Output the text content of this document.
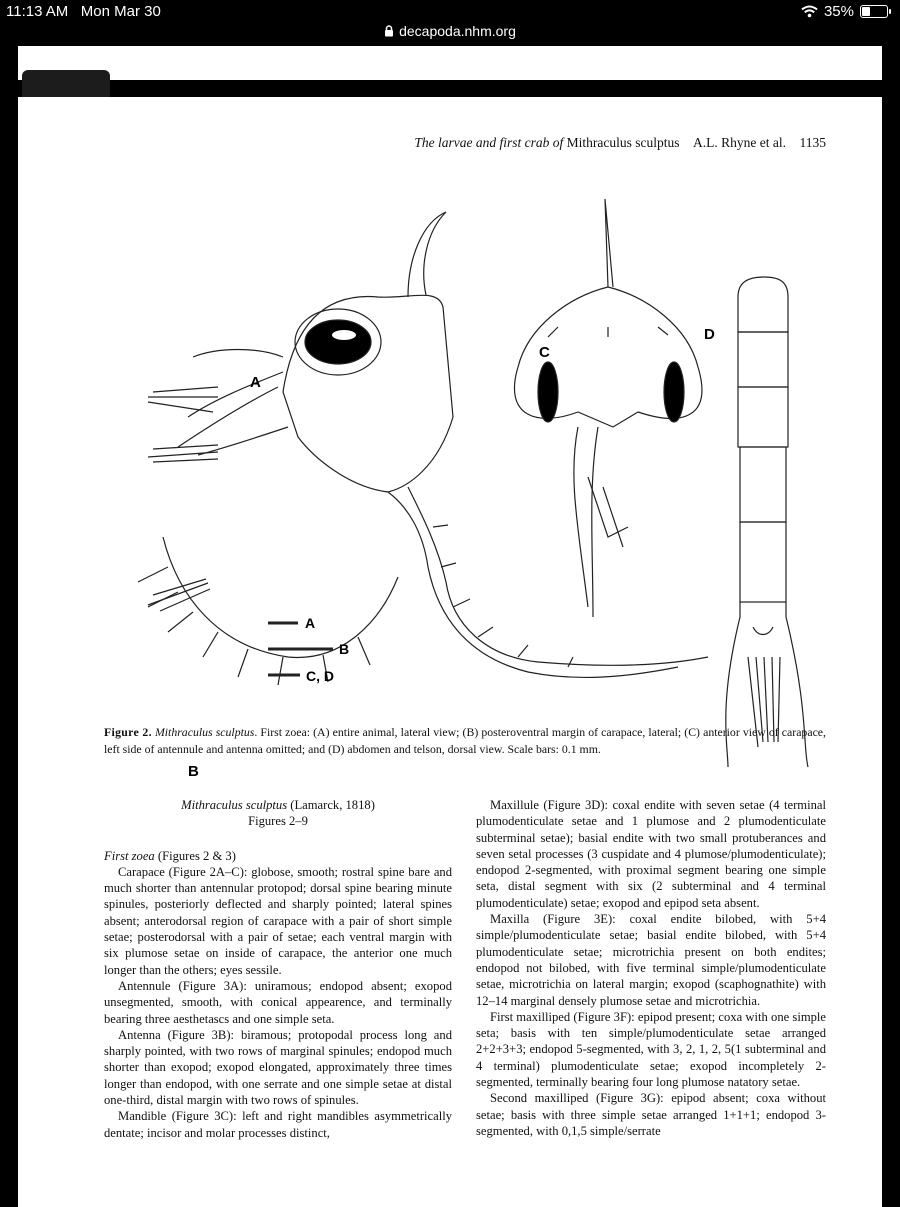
11:13 AM Mon Mar 30	35%
decapoda.nhm.org
The larvae and first crab of Mithraculus sculptus A.L. Rhyne et al. 1135
A
B
C
D
A
B
C, D
Figure 2. Mithraculus sculptus. First zoea: (A) entire animal, lateral view; (B) posteroventral margin of carapace, lateral; (C) anterior view of carapace, left side of antennule and antenna omitted; and (D) abdomen and telson, dorsal view. Scale bars: 0.1 mm.

Mithraculus sculptus (Lamarck, 1818)

Figures 2–9

First zoea (Figures 2 & 3)

Carapace (Figure 2A–C): globose, smooth; rostral spine bare and much shorter than antennular protopod; dorsal spine bearing minute spinules, posteriorly deflected and sharply pointed; lateral spines absent; anterodorsal region of carapace with a pair of short simple setae; posterodorsal with a pair of setae; each ventral margin with six plumose setae on inside of carapace, the anterior one much longer than the others; eyes sessile.

Antennule (Figure 3A): uniramous; endopod absent; exopod unsegmented, smooth, with conical appearence, and terminally bearing three aesthetascs and one simple seta.

Antenna (Figure 3B): biramous; protopodal process long and sharply pointed, with two rows of marginal spinules; endopod much shorter than exopod; exopod elongated, approximately three times longer than endopod, with one serrate and one simple setae at distal one-third, distal margin with two rows of spinules.

Mandible (Figure 3C): left and right mandibles asymmetrically dentate; incisor and molar processes distinct,

Maxillule (Figure 3D): coxal endite with seven setae (4 terminal plumodenticulate setae and 1 plumose and 2 plumodenticulate subterminal setae); basial endite with two small protuberances and seven setal processes (3 cuspidate and 4 plumose/plumodenticulate); endopod 2-segmented, with proximal segment bearing one simple seta, distal segment with six (2 subterminal and 4 terminal plumodenticulate) setae; exopod and epipod seta absent.

Maxilla (Figure 3E): coxal endite bilobed, with 5+4 simple/plumodenticulate setae; basial endite bilobed, with 5+4 plumodenticulate setae; microtrichia present on both endites; endopod not bilobed, with five terminal simple/plumodenticulate setae, microtrichia on lateral margin; exopod (scaphognathite) with 12–14 marginal densely plumose setae and microtrichia.

First maxilliped (Figure 3F): epipod present; coxa with one simple seta; basis with ten simple/plumodenticulate setae arranged 2+2+3+3; endopod 5-segmented, with 3, 2, 1, 2, 5(1 subterminal and 4 terminal) plumodenticulate setae; exopod incompletely 2-segmented, terminally bearing four long plumose natatory setae.

Second maxilliped (Figure 3G): epipod absent; coxa without setae; basis with three simple setae arranged 1+1+1; endopod 3-segmented, with 0,1,5 simple/serrate
